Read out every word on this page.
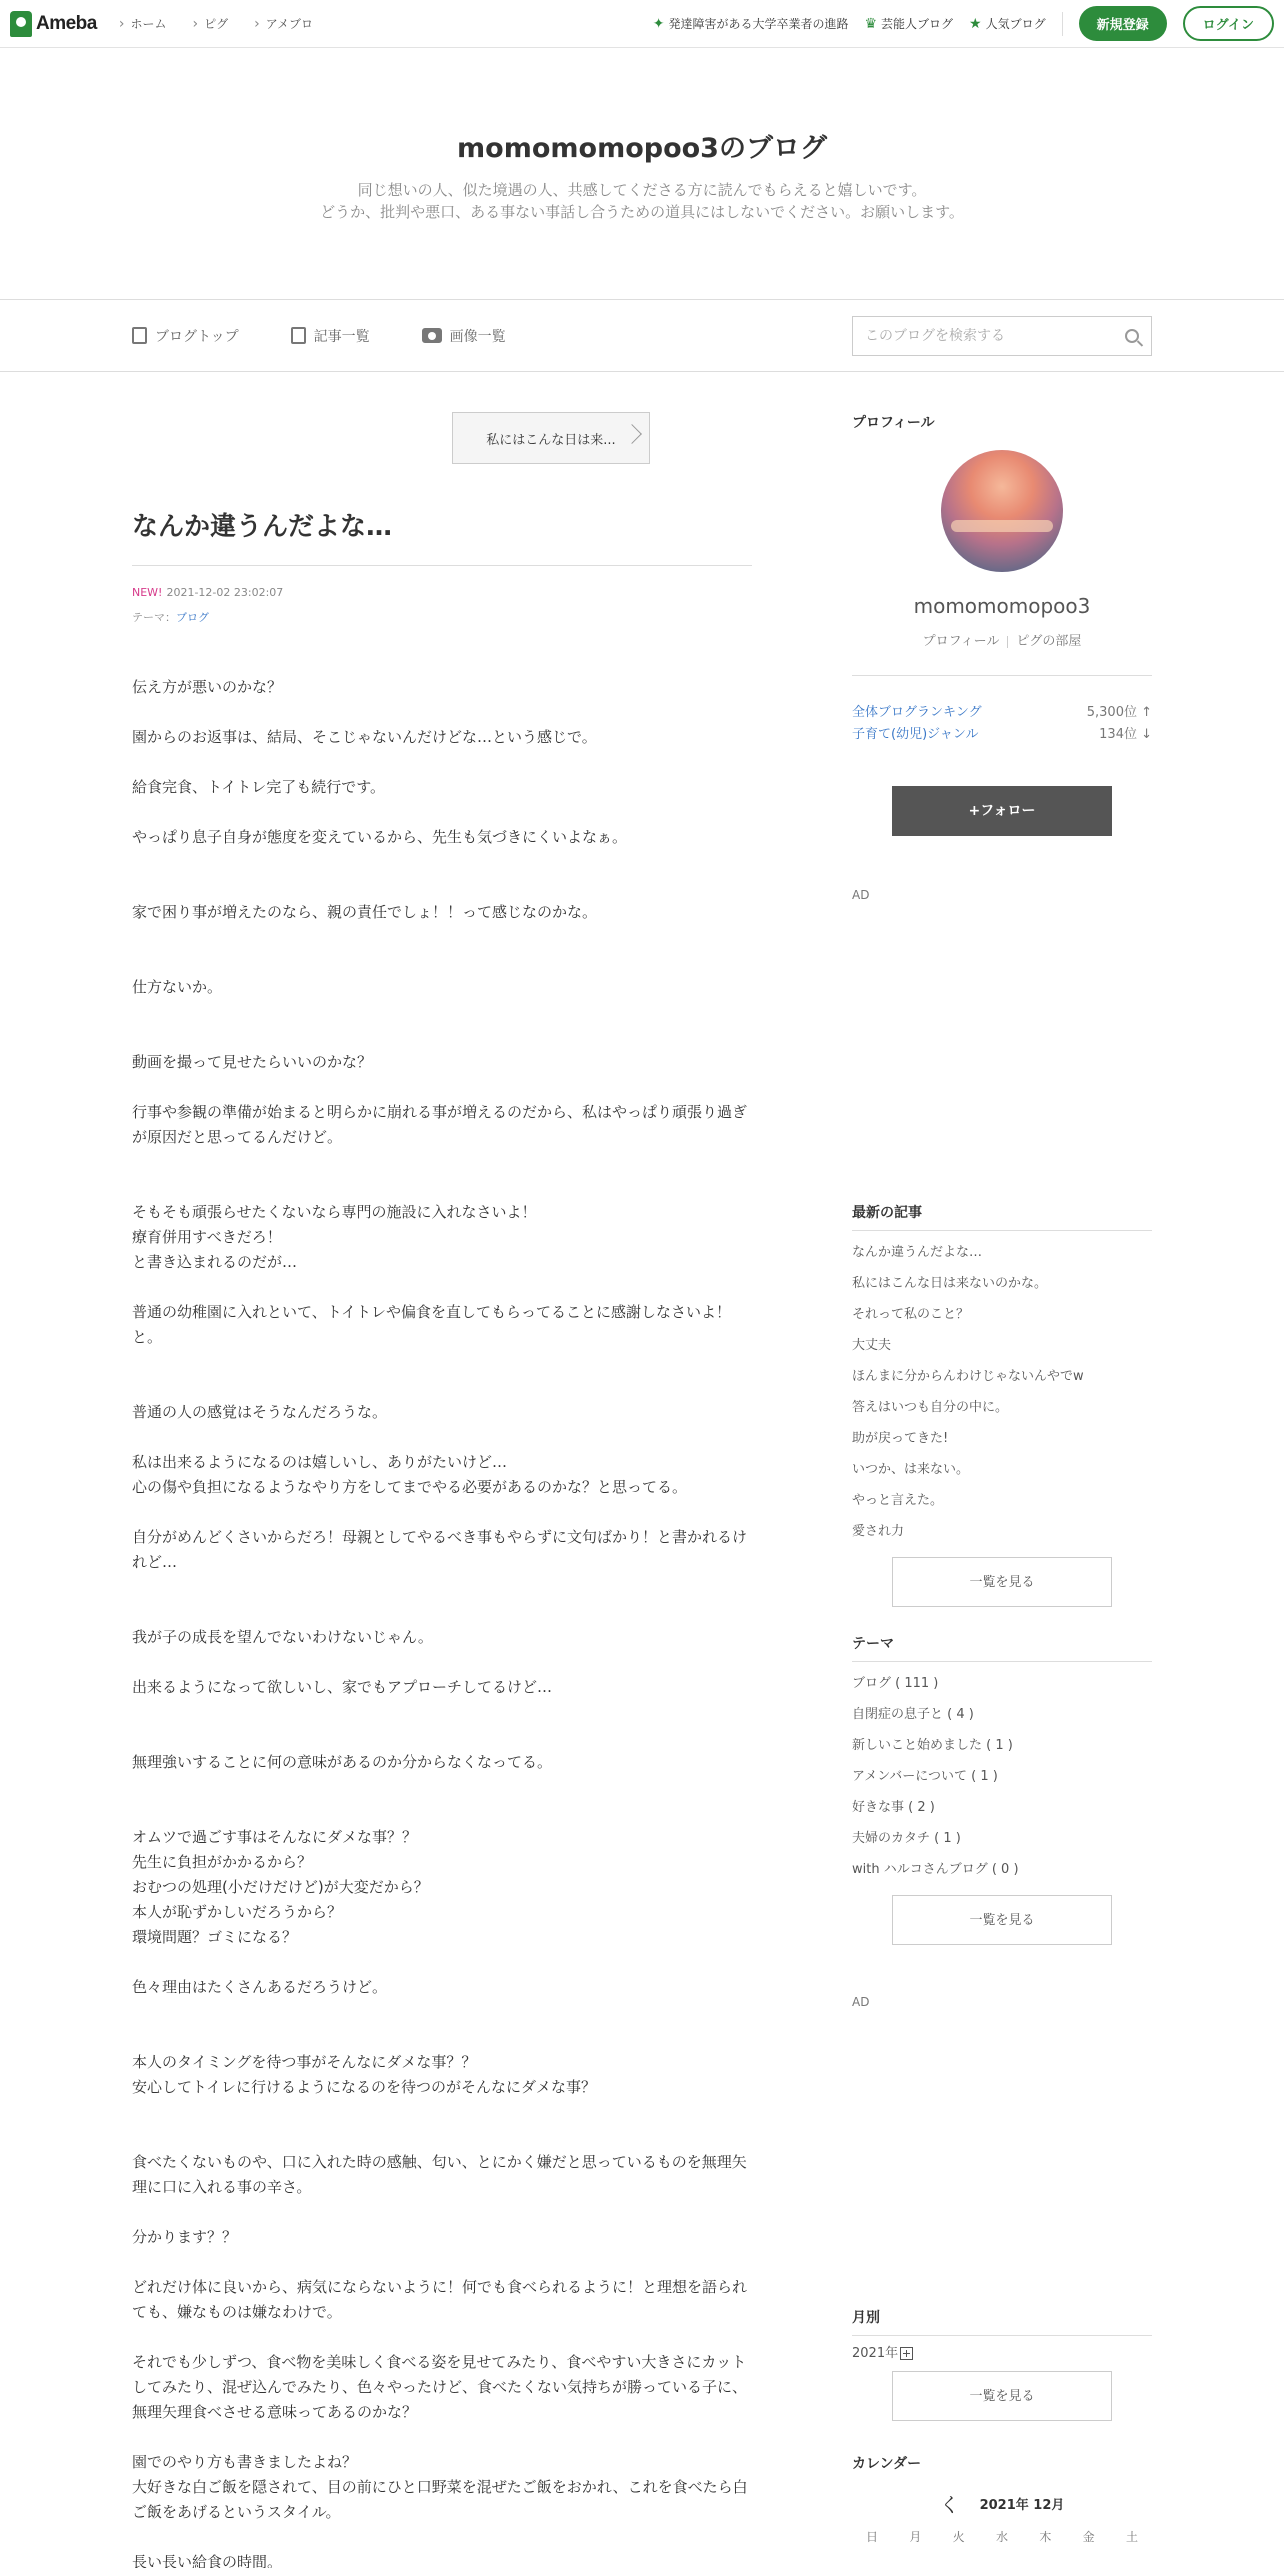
Ameba	› ホーム	› ピグ	› アメブロ	✦ 発達障害がある大学卒業者の進路 ♛ 芸能人ブログ ★ 人気ブログ	新規登録	ログイン
momomomopoo3のブログ
同じ想いの人、似た境遇の人、共感してくださる方に読んでもらえると嬉しいです。
どうか、批判や悪口、ある事ない事話し合うための道具にはしないでください。お願いします。
ブログトップ	記事一覧	画像一覧
このブログを検索する
私にはこんな日は来...
なんか違うんだよな…
NEW! 2021-12-02 23:02:07
テーマ：ブログ

伝え方が悪いのかな？

園からのお返事は、結局、そこじゃないんだけどな…という感じで。

給食完食、トイトレ完了も続行です。

やっぱり息子自身が態度を変えているから、先生も気づきにくいよなぁ。

家で困り事が増えたのなら、親の責任でしょ！！って感じなのかな。

仕方ないか。

動画を撮って見せたらいいのかな？

行事や参観の準備が始まると明らかに崩れる事が増えるのだから、私はやっぱり頑張り過ぎが原因だと思ってるんだけど。

そもそも頑張らせたくないなら専門の施設に入れなさいよ！
療育併用すべきだろ！
と書き込まれるのだが…

普通の幼稚園に入れといて、トイトレや偏食を直してもらってることに感謝しなさいよ！と。

普通の人の感覚はそうなんだろうな。

私は出来るようになるのは嬉しいし、ありがたいけど…
心の傷や負担になるようなやり方をしてまでやる必要があるのかな？と思ってる。

自分がめんどくさいからだろ！母親としてやるべき事もやらずに文句ばかり！と書かれるけれど…

我が子の成長を望んでないわけないじゃん。

出来るようになって欲しいし、家でもアプローチしてるけど…

無理強いすることに何の意味があるのか分からなくなってる。

オムツで過ごす事はそんなにダメな事？？
先生に負担がかかるから？
おむつの処理(小だけだけど)が大変だから？
本人が恥ずかしいだろうから？
環境問題？ゴミになる？

色々理由はたくさんあるだろうけど。

本人のタイミングを待つ事がそんなにダメな事？？
安心してトイレに行けるようになるのを待つのがそんなにダメな事？

食べたくないものや、口に入れた時の感触、匂い、とにかく嫌だと思っているものを無理矢理に口に入れる事の辛さ。

分かります？？

どれだけ体に良いから、病気にならないように！何でも食べられるように！と理想を語られても、嫌なものは嫌なわけで。

それでも少しずつ、食べ物を美味しく食べる姿を見せてみたり、食べやすい大きさにカットしてみたり、混ぜ込んでみたり、色々やったけど、食べたくない気持ちが勝っている子に、無理矢理食べさせる意味ってあるのかな？

園でのやり方も書きましたよね？
大好きな白ご飯を隠されて、目の前にひと口野菜を混ぜたご飯をおかれ、これを食べたら白ご飯をあげるというスタイル。

長い長い給食の時間。

プロフィール
momomomopoo3
プロフィール ピグの部屋
全体ブログランキング	5,300位 ↑
子育て(幼児)ジャンル	134位 ↓
+フォロー
AD
最新の記事
なんか違うんだよな…
私にはこんな日は来ないのかな。
それって私のこと？
大丈夫
ほんまに分からんわけじゃないんやでw
答えはいつも自分の中に。
助が戻ってきた!
いつか、は来ない。
やっと言えた。
愛され力
一覧を見る
テーマ
ブログ ( 111 )
自閉症の息子と ( 4 )
新しいこと始めました ( 1 )
アメンバーについて ( 1 )
好きな事 ( 2 )
夫婦のカタチ ( 1 )
with ハルコさんブログ ( 0 )
一覧を見る
AD
月別
2021年
一覧を見る
カレンダー
く 2021年 12月
日	月	火	水	木	金	土
